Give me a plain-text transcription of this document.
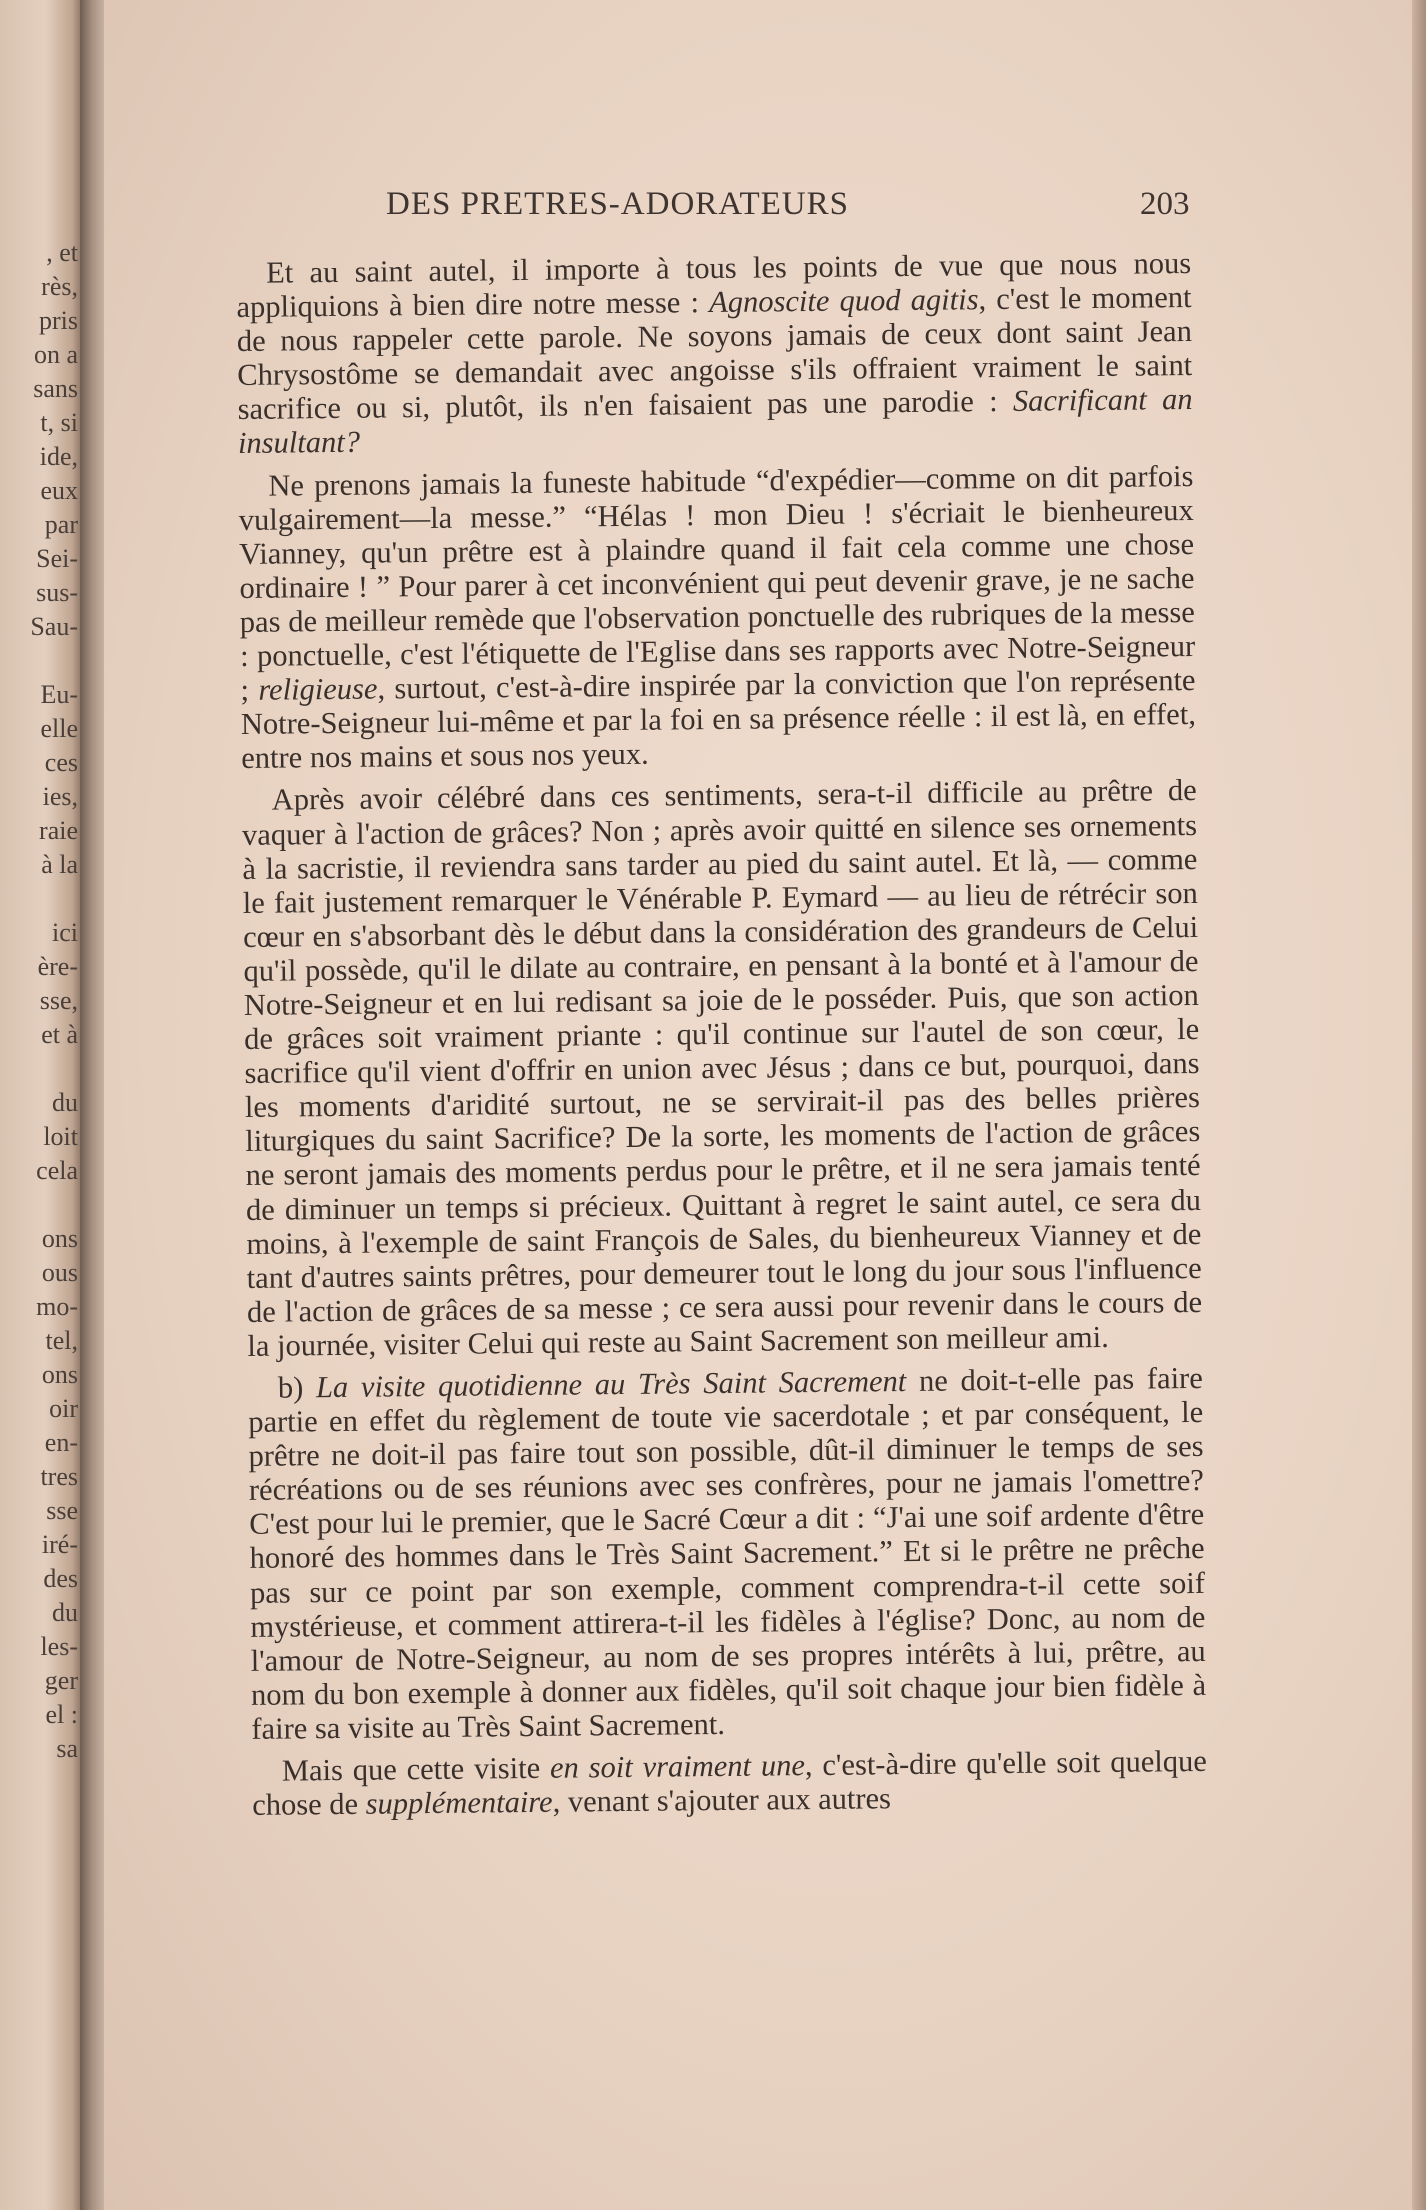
, et
rès,
pris
on a
sans
t, si
ide,
eux
par
Sei-
sus-
Sau-
Eu-
elle
ces
ies,
raie
à la
ici
ère-
sse,
et à
du
loit
cela
ons
ous
mo-
tel,
ons
oir
en-
tres
sse
iré-
des
du
les-
ger
el :
sa
DES PRETRES-ADORATEURS	203

Et au saint autel, il importe à tous les points de vue que nous nous appliquions à bien dire notre messe : Agnoscite quod agitis, c'est le moment de nous rappeler cette parole. Ne soyons jamais de ceux dont saint Jean Chrysostôme se demandait avec angoisse s'ils offraient vraiment le saint sacrifice ou si, plutôt, ils n'en faisaient pas une parodie : Sacrificant an insultant?

Ne prenons jamais la funeste habitude “d'expédier—comme on dit parfois vulgairement—la messe.” “Hélas ! mon Dieu ! s'écriait le bienheureux Vianney, qu'un prêtre est à plaindre quand il fait cela comme une chose ordinaire ! ” Pour parer à cet inconvénient qui peut devenir grave, je ne sache pas de meilleur remède que l'observation ponctuelle des rubriques de la messe : ponctuelle, c'est l'étiquette de l'Eglise dans ses rapports avec Notre-Seigneur ; religieuse, surtout, c'est-à-dire inspirée par la conviction que l'on représente Notre-Seigneur lui-même et par la foi en sa présence réelle : il est là, en effet, entre nos mains et sous nos yeux.

Après avoir célébré dans ces sentiments, sera-t-il difficile au prêtre de vaquer à l'action de grâces? Non ; après avoir quitté en silence ses ornements à la sacristie, il reviendra sans tarder au pied du saint autel. Et là, — comme le fait justement remarquer le Vénérable P. Eymard — au lieu de rétrécir son cœur en s'absorbant dès le début dans la considération des grandeurs de Celui qu'il possède, qu'il le dilate au contraire, en pensant à la bonté et à l'amour de Notre-Seigneur et en lui redisant sa joie de le posséder. Puis, que son action de grâces soit vraiment priante : qu'il continue sur l'autel de son cœur, le sacrifice qu'il vient d'offrir en union avec Jésus ; dans ce but, pourquoi, dans les moments d'aridité surtout, ne se servirait-il pas des belles prières liturgiques du saint Sacrifice? De la sorte, les moments de l'action de grâces ne seront jamais des moments perdus pour le prêtre, et il ne sera jamais tenté de diminuer un temps si précieux. Quittant à regret le saint autel, ce sera du moins, à l'exemple de saint François de Sales, du bienheureux Vianney et de tant d'autres saints prêtres, pour demeurer tout le long du jour sous l'influence de l'action de grâces de sa messe ; ce sera aussi pour revenir dans le cours de la journée, visiter Celui qui reste au Saint Sacrement son meilleur ami.

b) La visite quotidienne au Très Saint Sacrement ne doit-t-elle pas faire partie en effet du règlement de toute vie sacerdotale ; et par conséquent, le prêtre ne doit-il pas faire tout son possible, dût-il diminuer le temps de ses récréations ou de ses réunions avec ses confrères, pour ne jamais l'omettre? C'est pour lui le premier, que le Sacré Cœur a dit : “J'ai une soif ardente d'être honoré des hommes dans le Très Saint Sacrement.” Et si le prêtre ne prêche pas sur ce point par son exemple, comment comprendra-t-il cette soif mystérieuse, et comment attirera-t-il les fidèles à l'église? Donc, au nom de l'amour de Notre-Seigneur, au nom de ses propres intérêts à lui, prêtre, au nom du bon exemple à donner aux fidèles, qu'il soit chaque jour bien fidèle à faire sa visite au Très Saint Sacrement.

Mais que cette visite en soit vraiment une, c'est-à-dire qu'elle soit quelque chose de supplémentaire, venant s'ajouter aux autres
